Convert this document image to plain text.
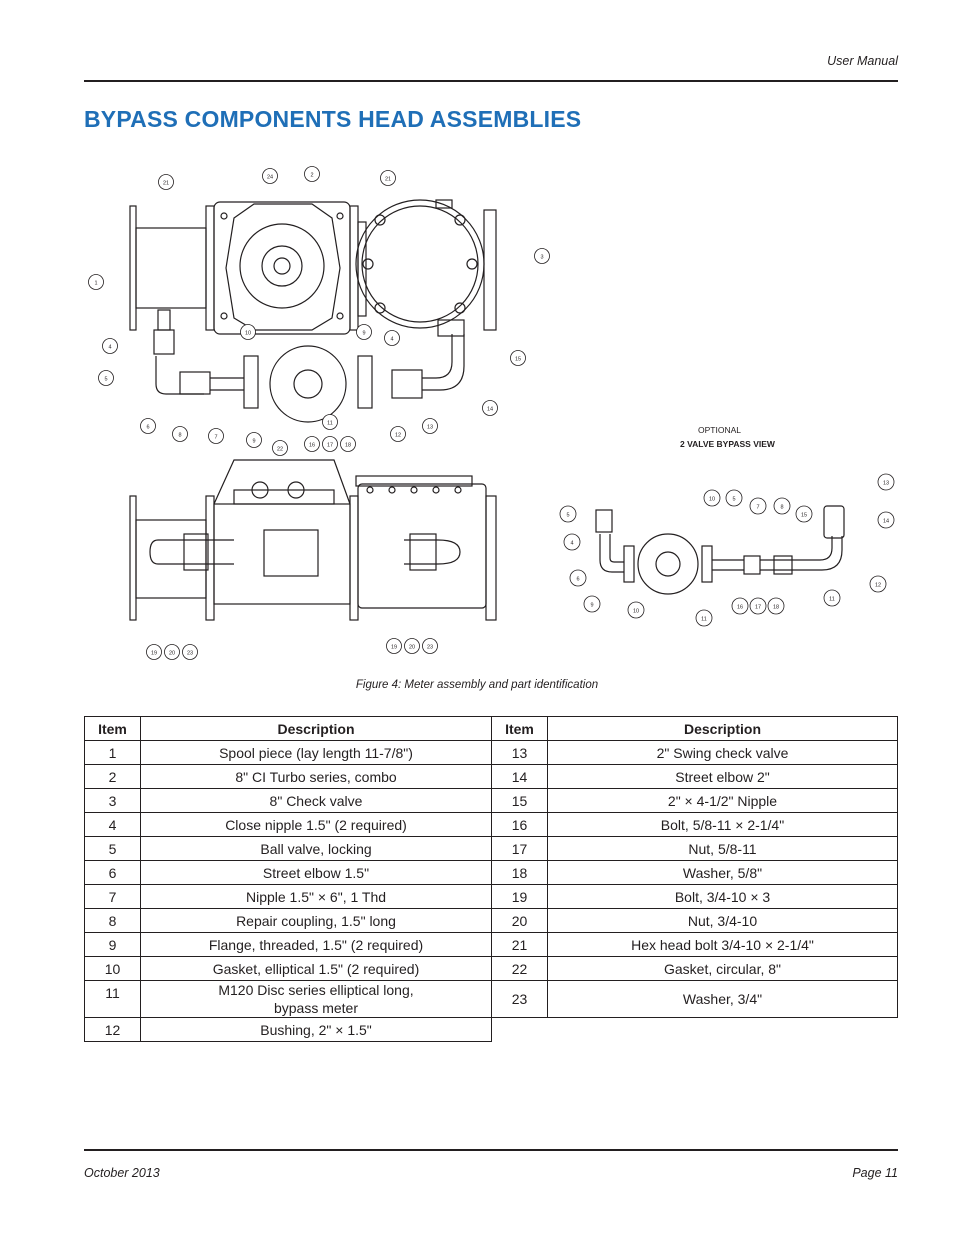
User Manual
BYPASS COMPONENTS HEAD ASSEMBLIES
OPTIONAL
2 VALVE BYPASS VIEW
21
24	2
21
1
3
4
10	9
4
5
15
14
6
8	7
9
22
16 17 18
12
13
11
19 20 23
19 20 23
5
4
6
9
10
11
10	5
7	8
15
13
14
12
11
16 17 18
Figure 4: Meter assembly and part identification
Item	Description
1	Spool piece (lay length 11-7/8")
2	8" CI Turbo series, combo
3	8" Check valve
4	Close nipple 1.5" (2 required)
5	Ball valve, locking
6	Street elbow 1.5"
7	Nipple 1.5" × 6", 1 Thd
8	Repair coupling, 1.5" long
9	Flange, threaded, 1.5" (2 required)
10	Gasket, elliptical 1.5" (2 required)
11	M120 Disc series elliptical long,
bypass meter
12	Bushing, 2" × 1.5"
Item	Description
13	2" Swing check valve
14	Street elbow 2"
15	2" × 4-1/2" Nipple
16	Bolt, 5/8-11 × 2-1/4"
17	Nut, 5/8-11
18	Washer, 5/8"
19	Bolt, 3/4-10 × 3
20	Nut, 3/4-10
21	Hex head bolt 3/4-10 × 2-1/4"
22	Gasket, circular, 8"
23	Washer, 3/4"
October 2013	Page 11
